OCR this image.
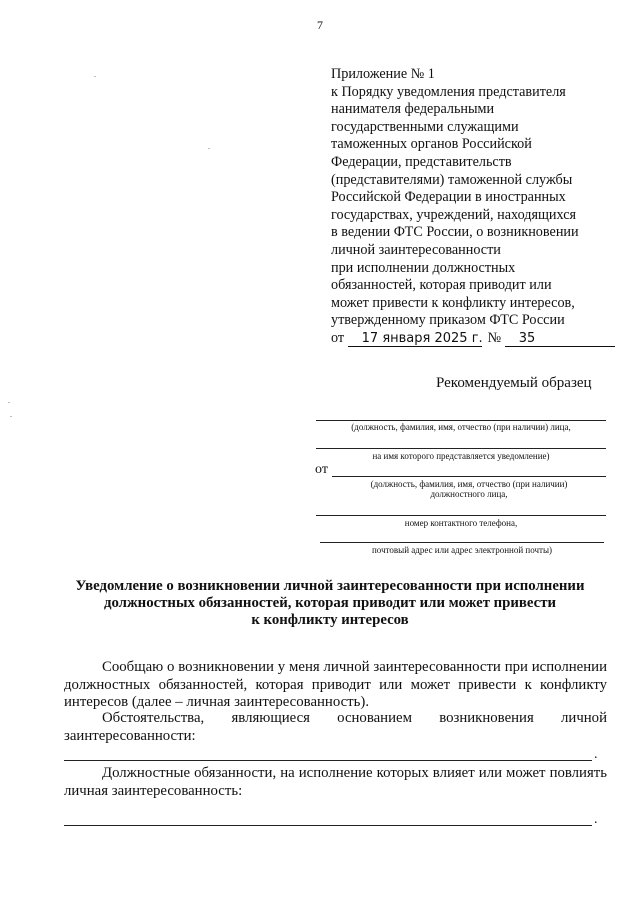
7
Приложение № 1
к Порядку уведомления представителя
нанимателя федеральными
государственными служащими
таможенных органов Российской
Федерации, представительств
(представителями) таможенной службы
Российской Федерации в иностранных
государствах, учреждений, находящихся
в ведении ФТС России, о возникновении
личной заинтересованности
при исполнении должностных
обязанностей, которая приводит или
может привести к конфликту интересов,
утвержденному приказом ФТС России
от 17 января 2025 г. № 35
Рекомендуемый образец
(должность, фамилия, имя, отчество (при наличии) лица,
на имя которого представляется уведомление)
от
(должность, фамилия, имя, отчество (при наличии)
должностного лица,
номер контактного телефона,
почтовый адрес или адрес электронной почты)
Уведомление о возникновении личной заинтересованности при исполнении
должностных обязанностей, которая приводит или может привести
к конфликту интересов
Сообщаю о возникновении у меня личной заинтересованности при исполнении должностных обязанностей, которая приводит или может привести к конфликту интересов (далее – личная заинтересованность).
Обстоятельства, являющиеся основанием возникновения личной заинтересованности:
.
Должностные обязанности, на исполнение которых влияет или может повлиять личная заинтересованность:
.
